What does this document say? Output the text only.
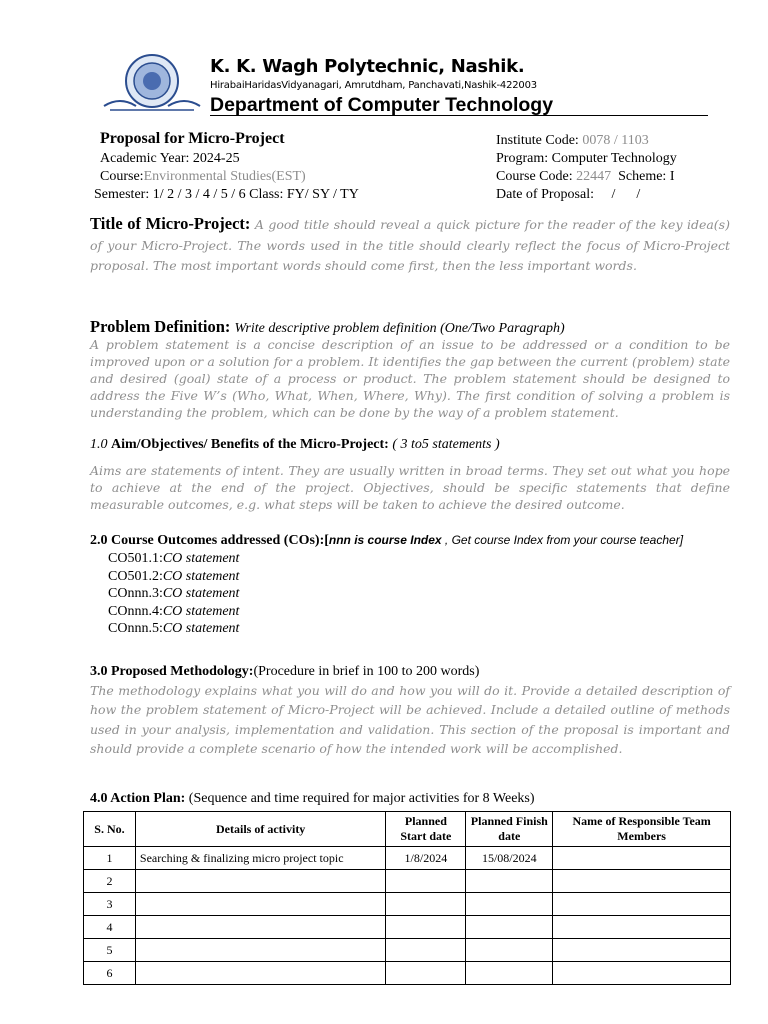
K. K. Wagh Polytechnic, Nashik.
HirabaiHaridasVidyanagari, Amrutdham, Panchavati,Nashik-422003
Department of Computer Technology
Proposal for Micro-Project
Academic Year: 2024-25
Course:Environmental Studies(EST)
Semester: 1/ 2 / 3 / 4 / 5 / 6 Class: FY/ SY / TY
Institute Code: 0078 / 1103
Program: Computer Technology
Course Code: 22447 Scheme: I
Date of Proposal:     /      /
Title of Micro-Project: A good title should reveal a quick picture for the reader of the key idea(s) of your Micro-Project. The words used in the title should clearly reflect the focus of Micro-Project proposal. The most important words should come first, then the less important words.
Problem Definition: Write descriptive problem definition (One/Two Paragraph)
A problem statement is a concise description of an issue to be addressed or a condition to be improved upon or a solution for a problem. It identifies the gap between the current (problem) state and desired (goal) state of a process or product. The problem statement should be designed to address the Five W’s (Who, What, When, Where, Why). The first condition of solving a problem is understanding the problem, which can be done by the way of a problem statement.
1.0 Aim/Objectives/ Benefits of the Micro-Project: ( 3 to5 statements )
Aims are statements of intent. They are usually written in broad terms. They set out what you hope to achieve at the end of the project. Objectives, should be specific statements that define measurable outcomes, e.g. what steps will be taken to achieve the desired outcome.
2.0 Course Outcomes addressed (COs):[nnn is course Index , Get course Index from your course teacher]
CO501.1:CO statement
CO501.2:CO statement
COnnn.3:CO statement
COnnn.4:CO statement
COnnn.5:CO statement
3.0 Proposed Methodology:(Procedure in brief in 100 to 200 words)
The methodology explains what you will do and how you will do it. Provide a detailed description of how the problem statement of Micro-Project will be achieved. Include a detailed outline of methods used in your analysis, implementation and validation. This section of the proposal is important and should provide a complete scenario of how the intended work will be accomplished.
4.0 Action Plan: (Sequence and time required for major activities for 8 Weeks)
S. No.	Details of activity	Planned Start date	Planned Finish date	Name of Responsible Team Members
1	Searching & finalizing micro project topic	1/8/2024	15/08/2024	
2				
3				
4				
5				
6				
